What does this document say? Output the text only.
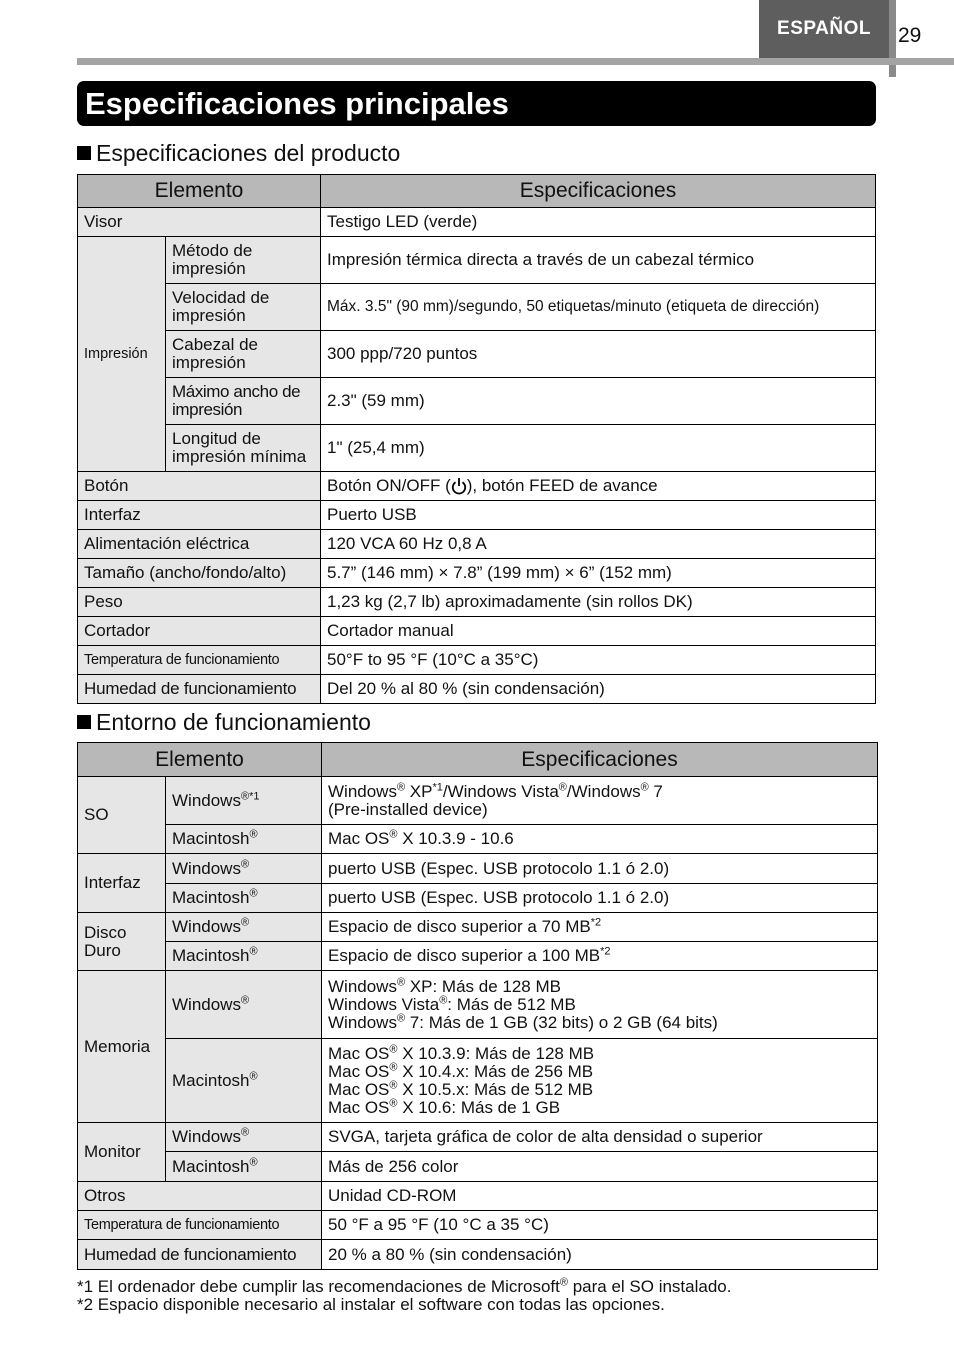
ESPAÑOL 29
Especificaciones principales
Especificaciones del producto
Elemento		Especificaciones
Visor		Testigo LED (verde)
Impresión	Método de
impresión	Impresión térmica directa a través de un cabezal térmico
	Velocidad de
impresión	Máx. 3.5" (90 mm)/segundo, 50 etiquetas/minuto (etiqueta de dirección)
	Cabezal de
impresión	300 ppp/720 puntos
	Máximo ancho de
impresión	2.3" (59 mm)
	Longitud de
impresión mínima	1" (25,4 mm)
Botón		Botón ON/OFF ( ), botón FEED de avance
Interfaz		Puerto USB
Alimentación eléctrica		120 VCA 60 Hz 0,8 A
Tamaño (ancho/fondo/alto)		5.7” (146 mm) × 7.8” (199 mm) × 6” (152 mm)
Peso		1,23 kg (2,7 lb) aproximadamente (sin rollos DK)
Cortador		Cortador manual
Temperatura de funcionamiento		50°F to 95 °F (10°C a 35°C)
Humedad de funcionamiento		Del 20 % al 80 % (sin condensación)
Entorno de funcionamiento
Elemento		Especificaciones
SO	Windows$^{®*1}$	Windows® XP$^{*1}$/Windows Vista®/Windows® 7
(Pre-installed device)
	Macintosh®	Mac OS® X 10.3.9 - 10.6
Interfaz	Windows®	puerto USB (Espec. USB protocolo 1.1 ó 2.0)
	Macintosh®	puerto USB (Espec. USB protocolo 1.1 ó 2.0)
Disco
Duro	Windows®	Espacio de disco superior a 70 MB$^{*2}$
	Macintosh®	Espacio de disco superior a 100 MB$^{*2}$
Memoria	Windows®	Windows® XP: Más de 128 MB
Windows Vista®: Más de 512 MB
Windows® 7: Más de 1 GB (32 bits) o 2 GB (64 bits)
	Macintosh®	Mac OS® X 10.3.9: Más de 128 MB
Mac OS® X 10.4.x: Más de 256 MB
Mac OS® X 10.5.x: Más de 512 MB
Mac OS® X 10.6: Más de 1 GB
Monitor	Windows®	SVGA, tarjeta gráfica de color de alta densidad o superior
	Macintosh®	Más de 256 color
Otros		Unidad CD-ROM
Temperatura de funcionamiento		50 °F a 95 °F (10 °C a 35 °C)
Humedad de funcionamiento		20 % a 80 % (sin condensación)
*1 El ordenador debe cumplir las recomendaciones de Microsoft® para el SO instalado.
*2 Espacio disponible necesario al instalar el software con todas las opciones.
